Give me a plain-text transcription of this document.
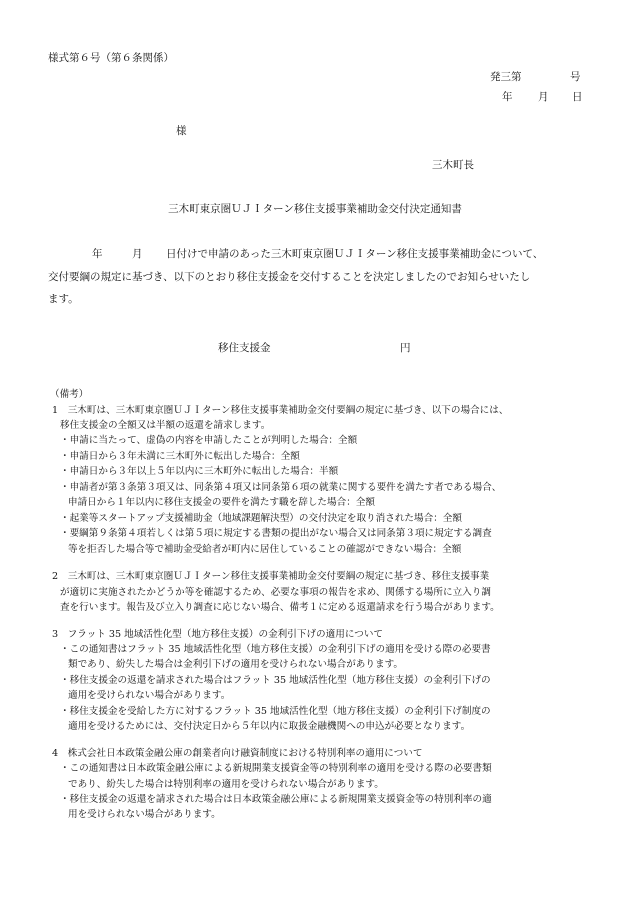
様式第６号（第６条関係）
発三第	号
年 月 日
様
三木町長
三木町東京圏ＵＪＩターン移住支援事業補助金交付決定通知書
年	月 日付けで申請のあった三木町東京圏ＵＪＩターン移住支援事業補助金について、
交付要綱の規定に基づき、以下のとおり移住支援金を交付することを決定しましたのでお知らせいたし
ます。
移住支援金	円
（備考）
1　三木町は、三木町東京圏ＵＪＩターン移住支援事業補助金交付要綱の規定に基づき、以下の場合には、
移住支援金の全額又は半額の返還を請求します。
・申請に当たって、虚偽の内容を申請したことが判明した場合：全額
・申請日から３年未満に三木町外に転出した場合：全額
・申請日から３年以上５年以内に三木町外に転出した場合：半額
・申請者が第３条第３項又は、同条第４項又は同条第６項の就業に関する要件を満たす者である場合、
申請日から１年以内に移住支援金の要件を満たす職を辞した場合：全額
・起業等スタートアップ支援補助金（地域課題解決型）の交付決定を取り消された場合：全額
・要綱第９条第４項若しくは第５項に規定する書類の提出がない場合又は同条第３項に規定する調査
等を拒否した場合等で補助金受給者が町内に居住していることの確認ができない場合：全額
2　三木町は、三木町東京圏ＵＪＩターン移住支援事業補助金交付要綱の規定に基づき、移住支援事業
が適切に実施されたかどうか等を確認するため、必要な事項の報告を求め、関係する場所に立入り調
査を行います。報告及び立入り調査に応じない場合、備考１に定める返還請求を行う場合があります。
3　フラット 35 地域活性化型（地方移住支援）の金利引下げの適用について
・この通知書はフラット 35 地域活性化型（地方移住支援）の金利引下げの適用を受ける際の必要書
類であり、紛失した場合は金利引下げの適用を受けられない場合があります。
・移住支援金の返還を請求された場合はフラット 35 地域活性化型（地方移住支援）の金利引下げの
適用を受けられない場合があります。
・移住支援金を受給した方に対するフラット 35 地域活性化型（地方移住支援）の金利引下げ制度の
適用を受けるためには、交付決定日から５年以内に取扱金融機関への申込が必要となります。
4　株式会社日本政策金融公庫の創業者向け融資制度における特別利率の適用について
・この通知書は日本政策金融公庫による新規開業支援資金等の特別利率の適用を受ける際の必要書類
であり、紛失した場合は特別利率の適用を受けられない場合があります。
・移住支援金の返還を請求された場合は日本政策金融公庫による新規開業支援資金等の特別利率の適
用を受けられない場合があります。
